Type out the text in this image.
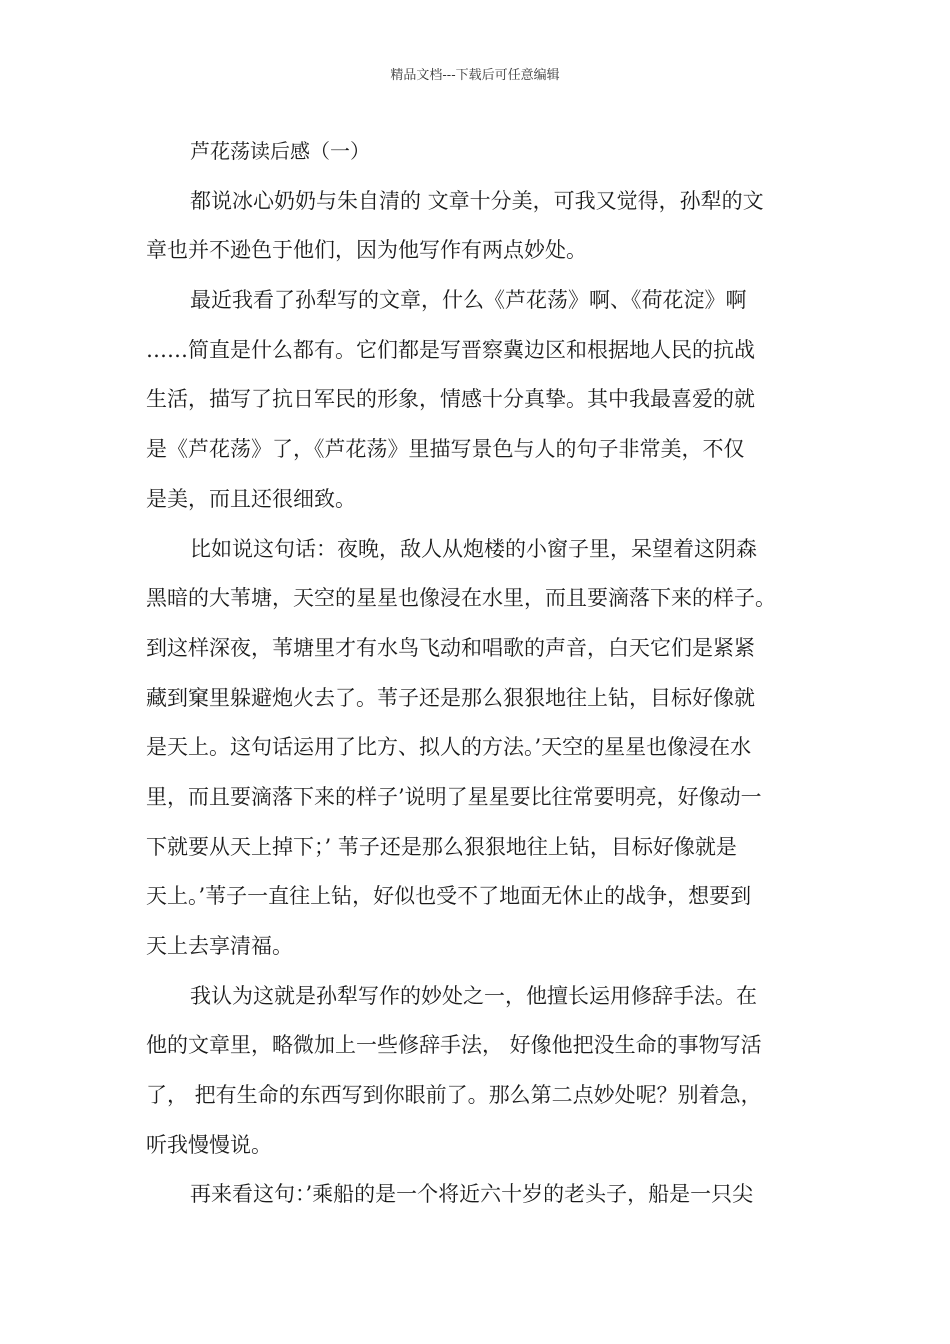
精品文档---下载后可任意编辑
芦花荡读后感（一）
都说冰心奶奶与朱自清的 文章十分美，可我又觉得，孙犁的文
章也并不逊色于他们，因为他写作有两点妙处。
最近我看了孙犁写的文章，什么《芦花荡》啊、《荷花淀》啊
……简直是什么都有。它们都是写晋察冀边区和根据地人民的抗战
生活，描写了抗日军民的形象，情感十分真挚。其中我最喜爱的就
是《芦花荡》了，《芦花荡》里描写景色与人的句子非常美，不仅
是美，而且还很细致。
比如说这句话：夜晚，敌人从炮楼的小窗子里，呆望着这阴森
黑暗的大苇塘，天空的星星也像浸在水里，而且要滴落下来的样子。
到这样深夜，苇塘里才有水鸟飞动和唱歌的声音，白天它们是紧紧
藏到窠里躲避炮火去了。苇子还是那么狠狠地往上钻，目标好像就
是天上。这句话运用了比方、拟人的方法。’天空的星星也像浸在水
里，而且要滴落下来的样子’说明了星星要比往常要明亮，好像动一
下就要从天上掉下；’ 苇子还是那么狠狠地往上钻，目标好像就是
天上。’苇子一直往上钻，好似也受不了地面无休止的战争，想要到
天上去享清福。
我认为这就是孙犁写作的妙处之一，他擅长运用修辞手法。在
他的文章里，略微加上一些修辞手法， 好像他把没生命的事物写活
了， 把有生命的东西写到你眼前了。那么第二点妙处呢？别着急，
听我慢慢说。
再来看这句：’乘船的是一个将近六十岁的老头子，船是一只尖
